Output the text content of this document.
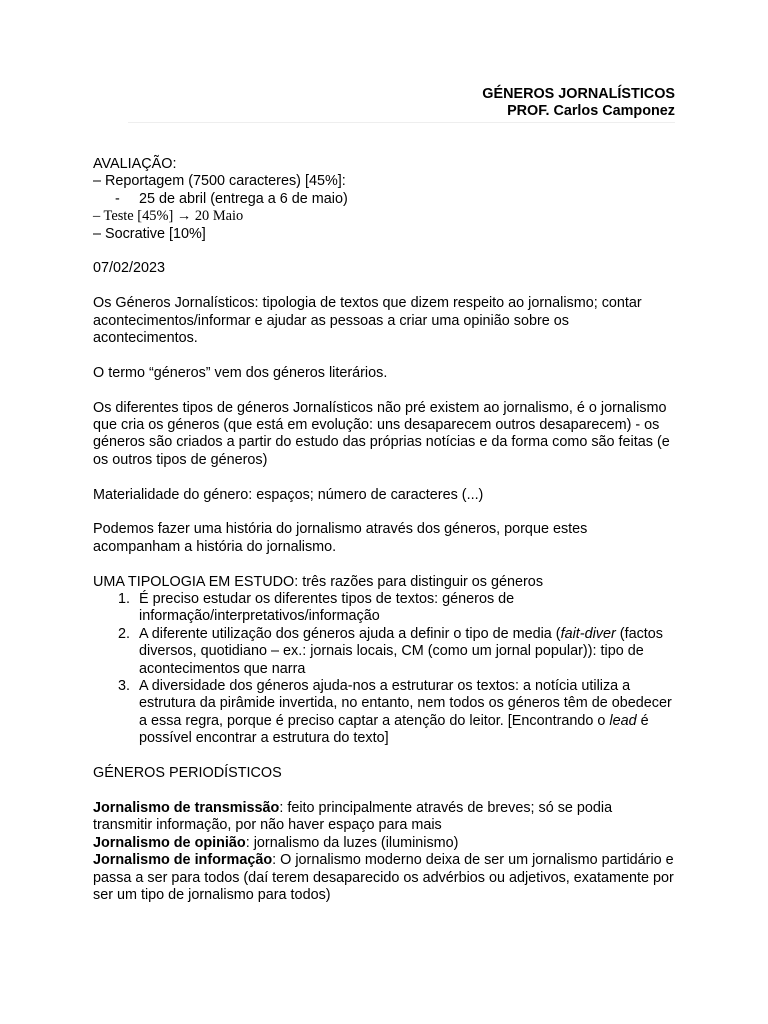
GÉNEROS JORNALÍSTICOS
PROF. Carlos Camponez

AVALIAÇÃO:

– Reportagem (7500 caracteres) [45%]:

- 25 de abril (entrega a 6 de maio)

– Teste [45%] → 20 Maio

– Socrative [10%]

07/02/2023

Os Géneros Jornalísticos: tipologia de textos que dizem respeito ao jornalismo; contar acontecimentos/informar e ajudar as pessoas a criar uma opinião sobre os acontecimentos.

O termo “géneros” vem dos géneros literários.

Os diferentes tipos de géneros Jornalísticos não pré existem ao jornalismo, é o jornalismo que cria os géneros (que está em evolução: uns desaparecem outros desaparecem) - os géneros são criados a partir do estudo das próprias notícias e da forma como são feitas (e os outros tipos de géneros)

Materialidade do género: espaços; número de caracteres (...)

Podemos fazer uma história do jornalismo através dos géneros, porque estes acompanham a história do jornalismo.

UMA TIPOLOGIA EM ESTUDO: três razões para distinguir os géneros

1. É preciso estudar os diferentes tipos de textos: géneros de informação/interpretativos/informação
2. A diferente utilização dos géneros ajuda a definir o tipo de media (fait-diver (factos diversos, quotidiano – ex.: jornais locais, CM (como um jornal popular)): tipo de acontecimentos que narra
3. A diversidade dos géneros ajuda-nos a estruturar os textos: a notícia utiliza a estrutura da pirâmide invertida, no entanto, nem todos os géneros têm de obedecer a essa regra, porque é preciso captar a atenção do leitor. [Encontrando o lead é possível encontrar a estrutura do texto]

GÉNEROS PERIODÍSTICOS

Jornalismo de transmissão: feito principalmente através de breves; só se podia transmitir informação, por não haver espaço para mais

Jornalismo de opinião: jornalismo da luzes (iluminismo)

Jornalismo de informação: O jornalismo moderno deixa de ser um jornalismo partidário e passa a ser para todos (daí terem desaparecido os advérbios ou adjetivos, exatamente por ser um tipo de jornalismo para todos)
